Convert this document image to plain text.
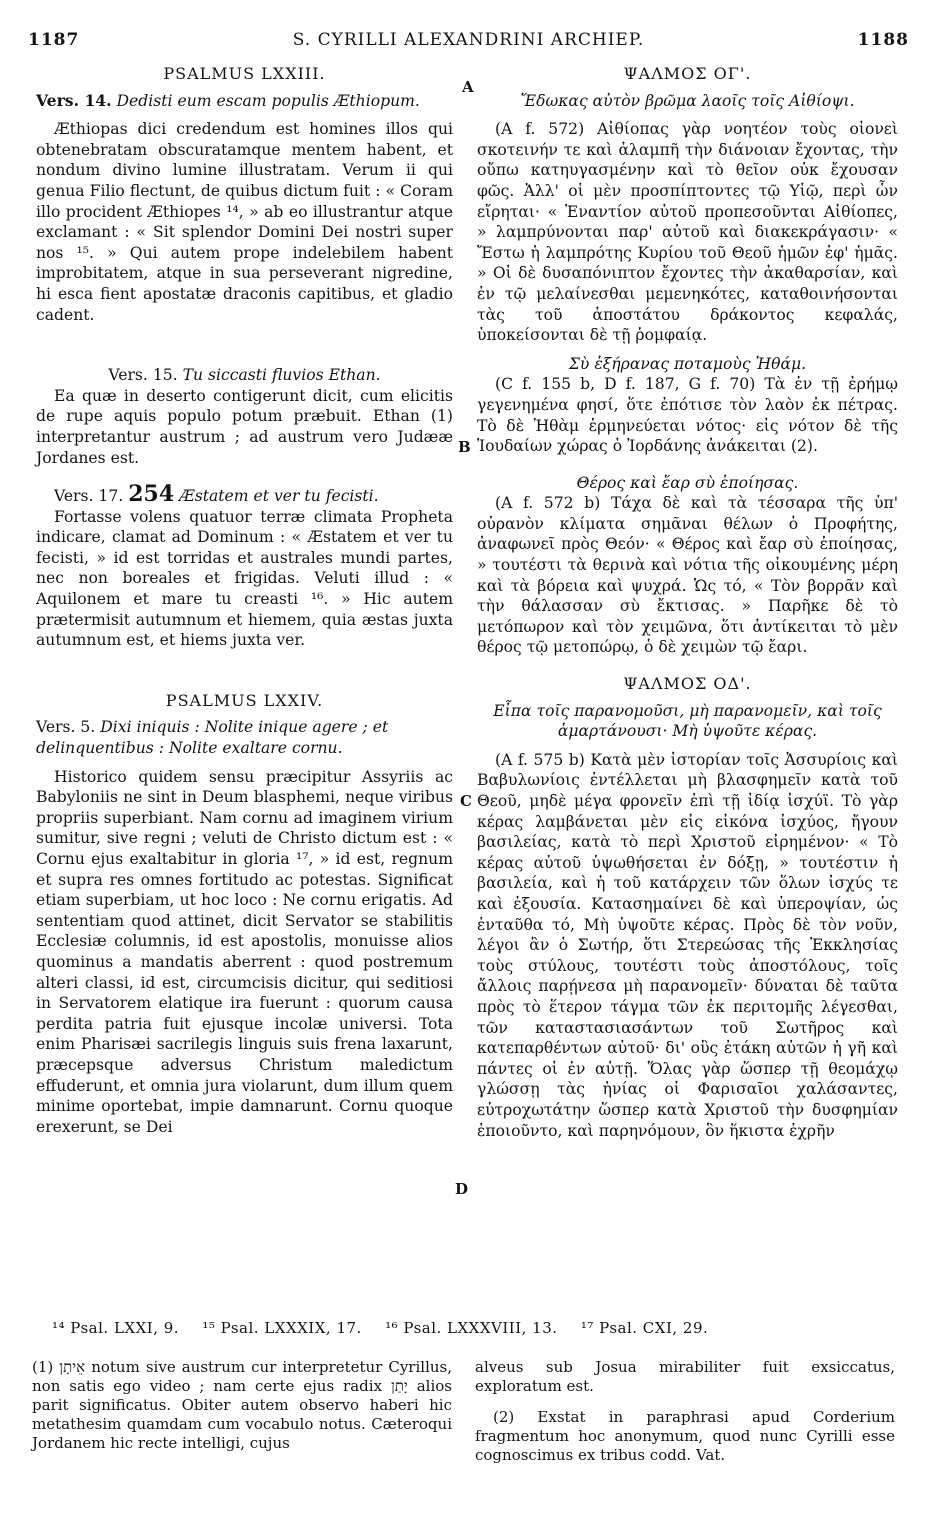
1187	S. CYRILLI ALEXANDRINI ARCHIEP.	1188
A
B
C
D
PSALMUS LXXIII.

Vers. 14. Dedisti eum escam populis Æthiopum.

Æthiopas dici credendum est homines illos qui obtenebratam obscuratamque mentem habent, et nondum divino lumine illustratam. Verum ii qui genua Filio flectunt, de quibus dictum fuit : « Coram illo procident Æthiopes ¹⁴, » ab eo illustrantur atque exclamant : « Sit splendor Domini Dei nostri super nos ¹⁵. » Qui autem prope indelebilem habent improbitatem, atque in sua perseverant nigredine, hi esca fient apostatæ draconis capitibus, et gladio cadent.

Vers. 15. Tu siccasti fluvios Ethan.

Ea quæ in deserto contigerunt dicit, cum elicitis de rupe aquis populo potum præbuit. Ethan (1) interpretantur austrum ; ad austrum vero Judææ Jordanes est.

Vers. 17. 254 Æstatem et ver tu fecisti.

Fortasse volens quatuor terræ climata Propheta indicare, clamat ad Dominum : « Æstatem et ver tu fecisti, » id est torridas et australes mundi partes, nec non boreales et frigidas. Veluti illud : « Aquilonem et mare tu creasti ¹⁶. » Hic autem prætermisit autumnum et hiemem, quia æstas juxta autumnum est, et hiems juxta ver.

PSALMUS LXXIV.

Vers. 5. Dixi iniquis : Nolite inique agere ; et delinquentibus : Nolite exaltare cornu.

Historico quidem sensu præcipitur Assyriis ac Babyloniis ne sint in Deum blasphemi, neque viribus propriis superbiant. Nam cornu ad imaginem virium sumitur, sive regni ; veluti de Christo dictum est : « Cornu ejus exaltabitur in gloria ¹⁷, » id est, regnum et supra res omnes fortitudo ac potestas. Significat etiam superbiam, ut hoc loco : Ne cornu erigatis. Ad sententiam quod attinet, dicit Servator se stabilitis Ecclesiæ columnis, id est apostolis, monuisse alios quominus a mandatis aberrent : quod postremum alteri classi, id est, circumcisis dicitur, qui seditiosi in Servatorem elatique ira fuerunt : quorum causa perdita patria fuit ejusque incolæ universi. Tota enim Pharisæi sacrilegis linguis suis frena laxarunt, præcepsque adversus Christum maledictum effuderunt, et omnia jura violarunt, dum illum quem minime oportebat, impie damnarunt. Cornu quoque erexerunt, se Dei

ΨΑΛΜΟΣ ΟΓ'.

Ἔδωκας αὐτὸν βρῶμα λαοῖς τοῖς Αἰθίοψι.

(A f. 572) Αἰθίοπας γὰρ νοητέον τοὺς οἱονεὶ σκοτεινήν τε καὶ ἀλαμπῆ τὴν διάνοιαν ἔχοντας, τὴν οὔπω κατηυγασμένην καὶ τὸ θεῖον οὐκ ἔχουσαν φῶς. Ἀλλ' οἱ μὲν προσπίπτοντες τῷ Υἱῷ, περὶ ὧν εἴρηται· « Ἐναντίον αὐτοῦ προπεσοῦνται Αἰθίοπες, » λαμπρύνονται παρ' αὐτοῦ καὶ διακεκράγασιν· « Ἔστω ἡ λαμπρότης Κυρίου τοῦ Θεοῦ ἡμῶν ἐφ' ἡμᾶς. » Οἱ δὲ δυσαπόνιπτον ἔχοντες τὴν ἀκαθαρσίαν, καὶ ἐν τῷ μελαίνεσθαι μεμενηκότες, καταθοινήσονται τὰς τοῦ ἀποστάτου δράκοντος κεφαλάς, ὑποκείσονται δὲ τῇ ῥομφαίᾳ.

Σὺ ἐξήρανας ποταμοὺς Ἠθάμ.

(C f. 155 b, D f. 187, G f. 70) Τὰ ἐν τῇ ἐρήμῳ γεγενημένα φησί, ὅτε ἐπότισε τὸν λαὸν ἐκ πέτρας. Τὸ δὲ Ἠθὰμ ἑρμηνεύεται νότος· εἰς νότον δὲ τῆς Ἰουδαίων χώρας ὁ Ἰορδάνης ἀνάκειται (2).

Θέρος καὶ ἔαρ σὺ ἐποίησας.

(A f. 572 b) Τάχα δὲ καὶ τὰ τέσσαρα τῆς ὑπ' οὐρανὸν κλίματα σημᾶναι θέλων ὁ Προφήτης, ἀναφωνεῖ πρὸς Θεόν· « Θέρος καὶ ἔαρ σὺ ἐποίησας, » τουτέστι τὰ θερινὰ καὶ νότια τῆς οἰκουμένης μέρη καὶ τὰ βόρεια καὶ ψυχρά. Ὡς τό, « Τὸν βορρᾶν καὶ τὴν θάλασσαν σὺ ἔκτισας. » Παρῆκε δὲ τὸ μετόπωρον καὶ τὸν χειμῶνα, ὅτι ἀντίκειται τὸ μὲν θέρος τῷ μετοπώρῳ, ὁ δὲ χειμὼν τῷ ἔαρι.

ΨΑΛΜΟΣ ΟΔ'.

Εἶπα τοῖς παρανομοῦσι, μὴ παρανομεῖν, καὶ τοῖς ἁμαρτάνουσι· Μὴ ὑψοῦτε κέρας.

(A f. 575 b) Κατὰ μὲν ἱστορίαν τοῖς Ἀσσυρίοις καὶ Βαβυλωνίοις ἐντέλλεται μὴ βλασφημεῖν κατὰ τοῦ Θεοῦ, μηδὲ μέγα φρονεῖν ἐπὶ τῇ ἰδίᾳ ἰσχύϊ. Τὸ γὰρ κέρας λαμβάνεται μὲν εἰς εἰκόνα ἰσχύος, ἤγουν βασιλείας, κατὰ τὸ περὶ Χριστοῦ εἰρημένον· « Τὸ κέρας αὐτοῦ ὑψωθήσεται ἐν δόξῃ, » τουτέστιν ἡ βασιλεία, καὶ ἡ τοῦ κατάρχειν τῶν ὅλων ἰσχύς τε καὶ ἐξουσία. Κατασημαίνει δὲ καὶ ὑπεροψίαν, ὡς ἐνταῦθα τό, Μὴ ὑψοῦτε κέρας. Πρὸς δὲ τὸν νοῦν, λέγοι ἂν ὁ Σωτήρ, ὅτι Στερεώσας τῆς Ἐκκλησίας τοὺς στύλους, τουτέστι τοὺς ἀποστόλους, τοῖς ἄλλοις παρῄνεσα μὴ παρανομεῖν· δύναται δὲ ταῦτα πρὸς τὸ ἕτερον τάγμα τῶν ἐκ περιτομῆς λέγεσθαι, τῶν καταστασιασάντων τοῦ Σωτῆρος καὶ κατεπαρθέντων αὐτοῦ· δι' οὓς ἐτάκη αὐτῶν ἡ γῆ καὶ πάντες οἱ ἐν αὐτῇ. Ὅλας γὰρ ὥσπερ τῇ θεομάχῳ γλώσσῃ τὰς ἡνίας οἱ Φαρισαῖοι χαλάσαντες, εὐτροχωτάτην ὥσπερ κατὰ Χριστοῦ τὴν δυσφημίαν ἐποιοῦντο, καὶ παρηνόμουν, ὃν ἥκιστα ἐχρῆν

¹⁴ Psal. LXXI, 9. ¹⁵ Psal. LXXXIX, 17. ¹⁶ Psal. LXXXVIII, 13. ¹⁷ Psal. CXI, 29.
(1) אֵיתָן notum sive austrum cur interpretetur Cyrillus, non satis ego video ; nam certe ejus radix יָתַן alios parit significatus. Obiter autem observo haberi hic metathesim quamdam cum vocabulo notus. Cæteroqui Jordanem hic recte intelligi, cujus
alveus sub Josua mirabiliter fuit exsiccatus, exploratum est.
(2) Exstat in paraphrasi apud Corderium fragmentum hoc anonymum, quod nunc Cyrilli esse cognoscimus ex tribus codd. Vat.
